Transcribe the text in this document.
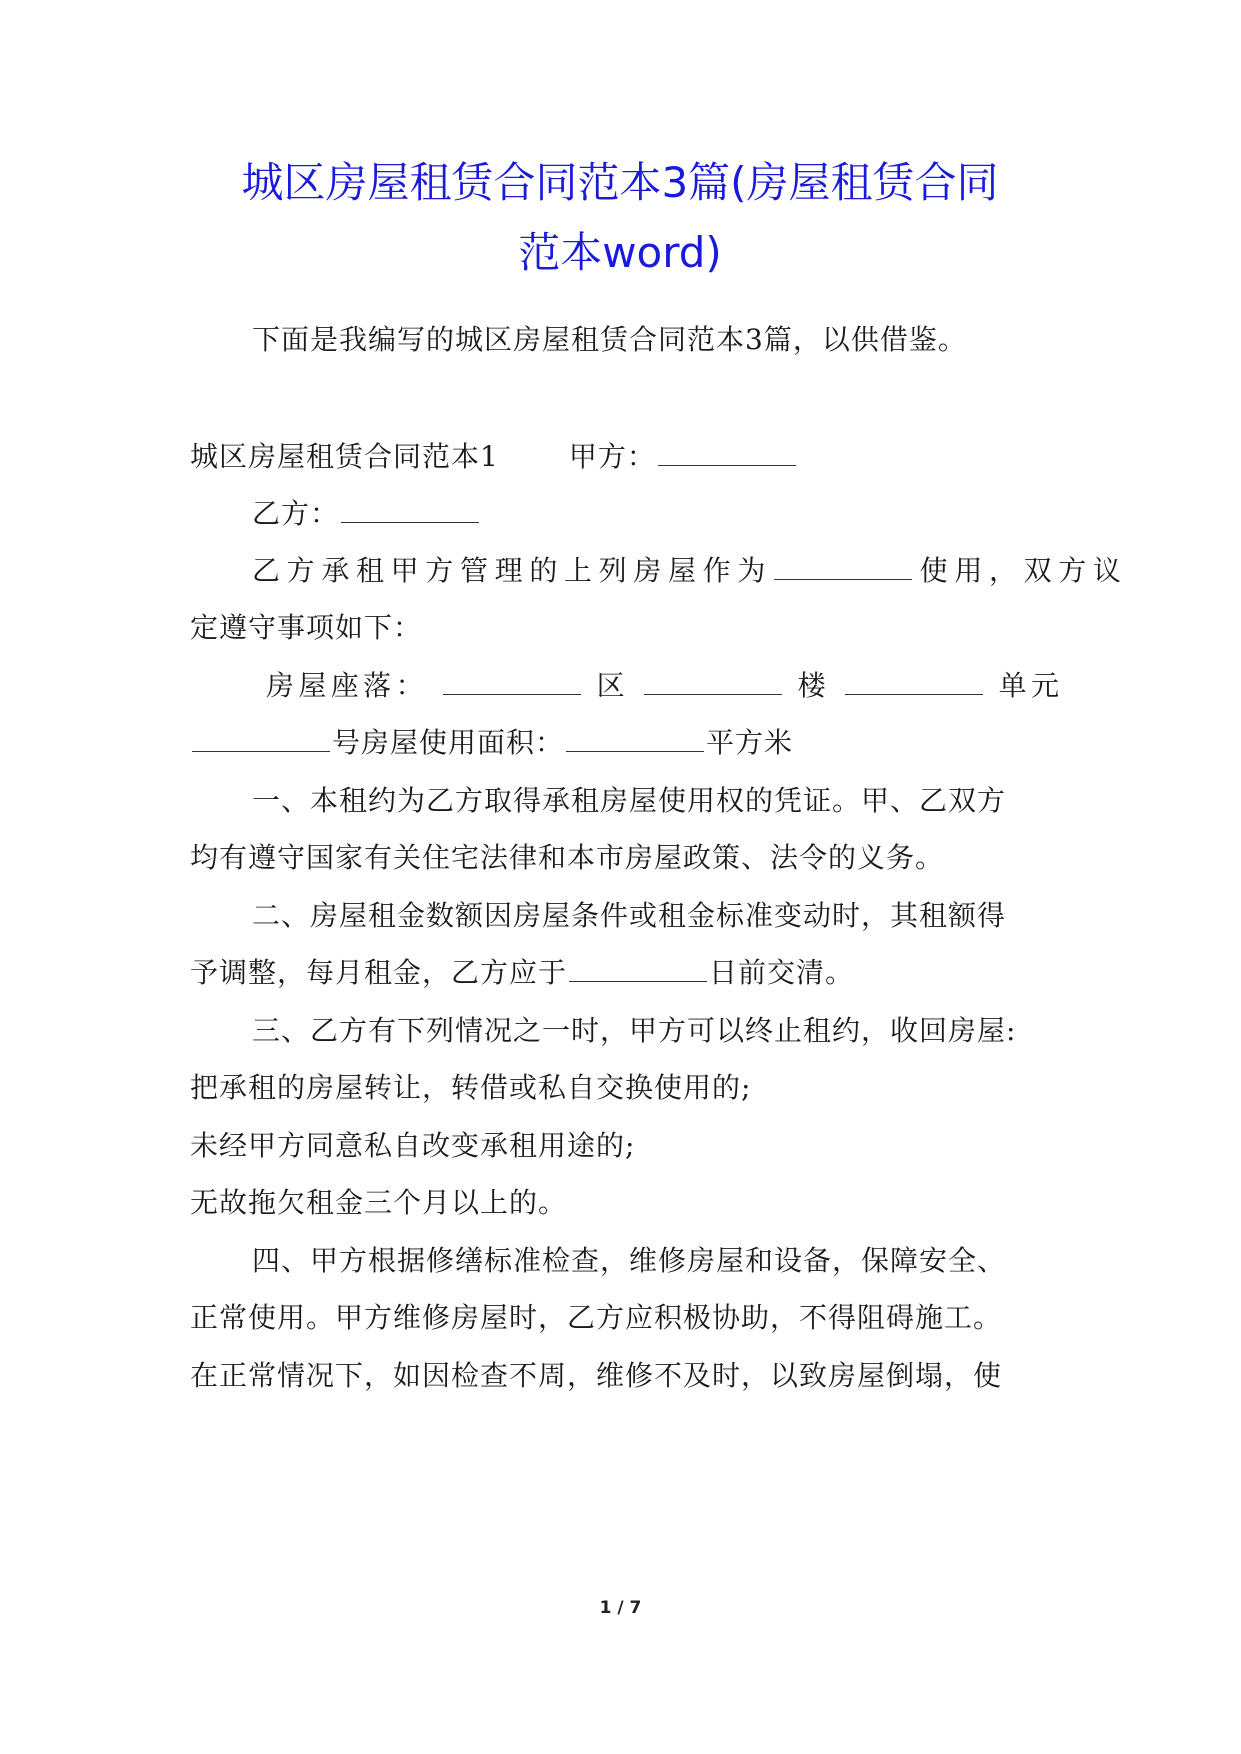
城区房屋租赁合同范本3篇(房屋租赁合同
范本word)
下面是我编写的城区房屋租赁合同范本3篇，以供借鉴。
城区房屋租赁合同范本1	甲方：
乙方：
乙方承租甲方管理的上列房屋作为	使用，双方议
定遵守事项如下：
房屋座落：	区	楼	单元
号房屋使用面积：	平方米
一、本租约为乙方取得承租房屋使用权的凭证。甲、乙双方
均有遵守国家有关住宅法律和本市房屋政策、法令的义务。
二、房屋租金数额因房屋条件或租金标准变动时，其租额得
予调整，每月租金，乙方应于	日前交清。
三、乙方有下列情况之一时，甲方可以终止租约，收回房屋:
把承租的房屋转让，转借或私自交换使用的;
未经甲方同意私自改变承租用途的;
无故拖欠租金三个月以上的。
四、甲方根据修缮标准检查，维修房屋和设备，保障安全、
正常使用。甲方维修房屋时，乙方应积极协助，不得阻碍施工。
在正常情况下，如因检查不周，维修不及时，以致房屋倒塌，使
1 / 7
